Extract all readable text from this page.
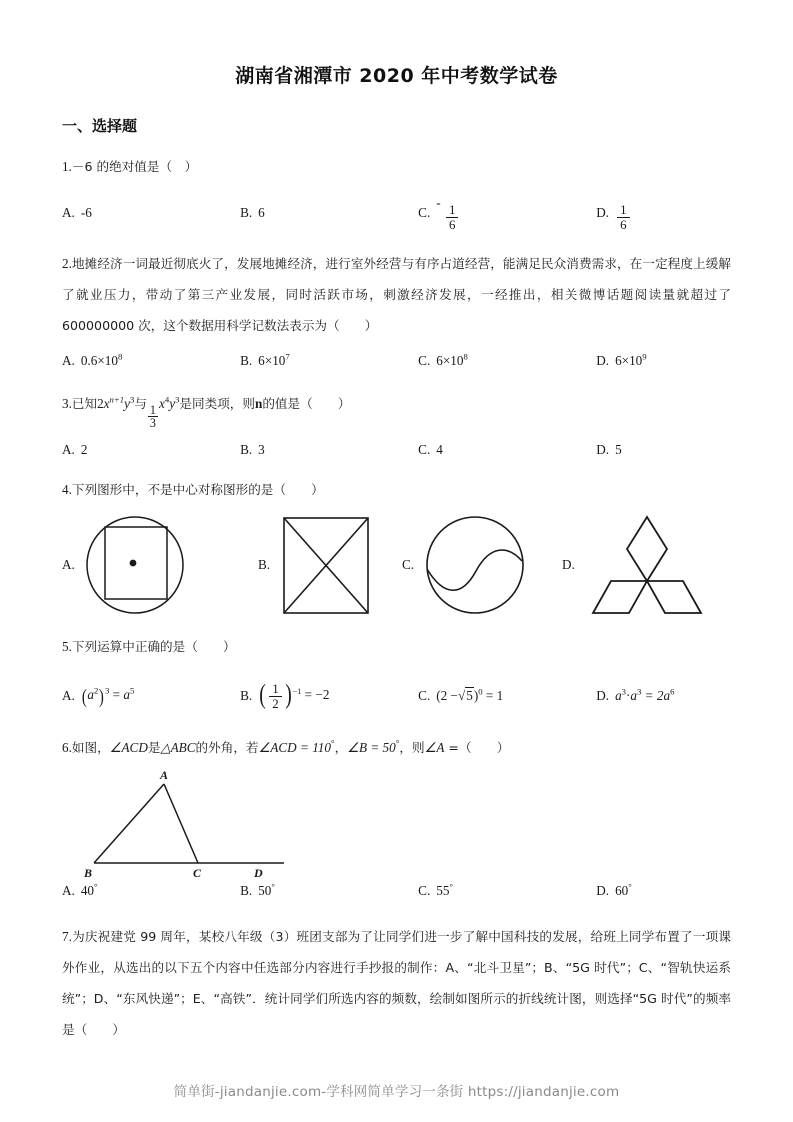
湖南省湘潭市 2020 年中考数学试卷
一、选择题
1.－6 的绝对值是（　）
A. -6	B. 6	C.
-
$\frac{1}{6}$	D. $\frac{1}{6}$
2.地摊经济一词最近彻底火了，发展地摊经济，进行室外经营与有序占道经营，能满足民众消费需求，在一定程度上缓解了就业压力，带动了第三产业发展，同时活跃市场，刺激经济发展，一经推出，相关微博话题阅读量就超过了 600000000 次，这个数据用科学记数法表示为（　　）
A. $0.6\times 10^8$	B. $6\times 10^7$	C. $6\times 10^8$	D. $6\times 10^9$
3.已知$2x^{n+1}y^3$与
$\frac{1}{3}$
$x^4y^3$是同类项，则n的值是（　　）
A. 2	B. 3	C. 4	D. 5
4.下列图形中，不是中心对称图形的是（　　）
A.	B.	C.	D.
5.下列运算中正确的是（　　）
A. $(a^2)^3 = a^5$	B. ( $\frac{1}{2}$ ) $^{-1}$ = −2	C. $(2 -√5)^0 = 1$	D. $a^3\cdot a^3 = 2a^6$
6.如图，∠ACD是△ABC的外角，若∠ACD = 110°，∠B = 50°，则∠A =（　　）
A
B	C	D
A. 40°	B. 50°	C. 55°	D. 60°
7.为庆祝建党 99 周年，某校八年级（3）班团支部为了让同学们进一步了解中国科技的发展，给班上同学布置了一项课外作业，从选出的以下五个内容中任选部分内容进行手抄报的制作：A、“北斗卫星”；B、“5G 时代”；C、“智轨快运系统”；D、“东风快递”；E、“高铁”．统计同学们所选内容的频数，绘制如图所示的折线统计图，则选择“5G 时代”的频率是（　　）
简单街-jiandanjie.com-学科网简单学习一条街 https://jiandanjie.com
